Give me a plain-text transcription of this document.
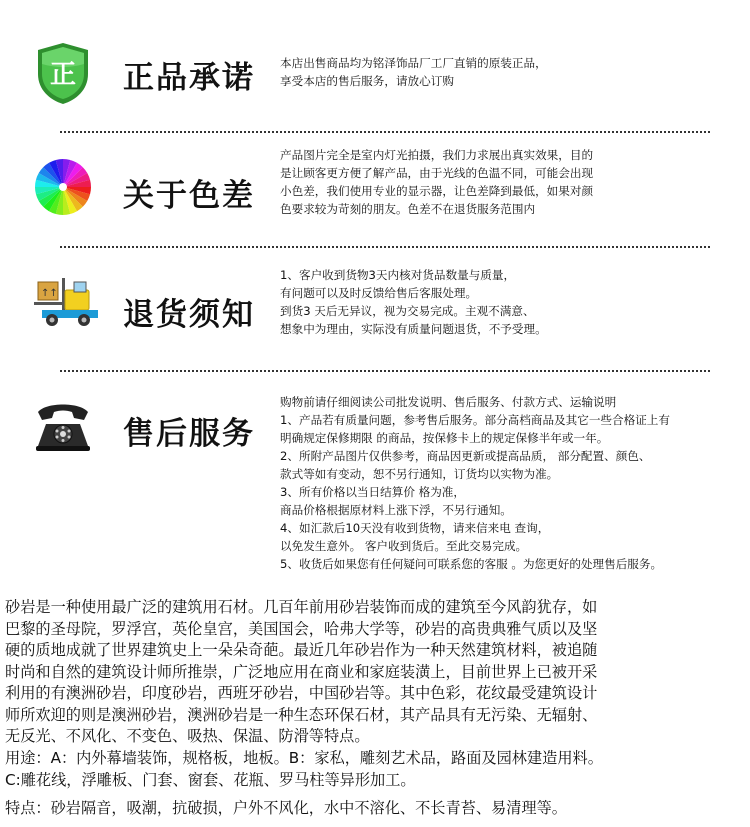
正	正品承诺 本店出售商品均为铭泽饰品厂工厂直销的原装正品，
享受本店的售后服务，请放心订购
关于色差
产品图片完全是室内灯光拍摄，我们力求展出真实效果，目的
是让顾客更方便了解产品，由于光线的色温不同，可能会出现
小色差，我们使用专业的显示器，让色差降到最低，如果对颜
色要求较为苛刻的朋友。色差不在退货服务范围内
↑↑
退货须知
1、客户收到货物3天内核对货品数量与质量，
有问题可以及时反馈给售后客服处理。
到货3 天后无异议，视为交易完成。主观不满意、
想象中为理由，实际没有质量问题退货，不予受理。
售后服务
购物前请仔细阅读公司批发说明、售后服务、付款方式、运输说明
1、产品若有质量问题，参考售后服务。部分高档商品及其它一些合格证上有
明确规定保修期限 的商品，按保修卡上的规定保修半年或一年。
2、所附产品图片仅供参考，商品因更新或提高品质， 部分配置、颜色、
款式等如有变动，恕不另行通知，订货均以实物为准。
3、所有价格以当日结算价 格为准，
商品价格根据原材料上涨下浮，不另行通知。
4、如汇款后10天没有收到货物，请来信来电 查询，
以免发生意外。 客户收到货后。至此交易完成。
5、收货后如果您有任何疑问可联系您的客服 。为您更好的处理售后服务。
砂岩是一种使用最广泛的建筑用石材。几百年前用砂岩装饰而成的建筑至今风韵犹存，如
巴黎的圣母院，罗浮宫，英伦皇宫，美国国会，哈弗大学等，砂岩的高贵典雅气质以及坚
硬的质地成就了世界建筑史上一朵朵奇葩。最近几年砂岩作为一种天然建筑材料，被追随
时尚和自然的建筑设计师所推崇，广泛地应用在商业和家庭装潢上，目前世界上已被开采
利用的有澳洲砂岩，印度砂岩，西班牙砂岩，中国砂岩等。其中色彩，花纹最受建筑设计
师所欢迎的则是澳洲砂岩，澳洲砂岩是一种生态环保石材，其产品具有无污染、无辐射、
无反光、不风化、不变色、吸热、保温、防滑等特点。
用途：A：内外幕墙装饰，规格板，地板。B：家私，雕刻艺术品，路面及园林建造用料。
C:雕花线，浮雕板、门套、窗套、花瓶、罗马柱等异形加工。
特点：砂岩隔音，吸潮，抗破损，户外不风化，水中不溶化、不长青苔、易清理等。
